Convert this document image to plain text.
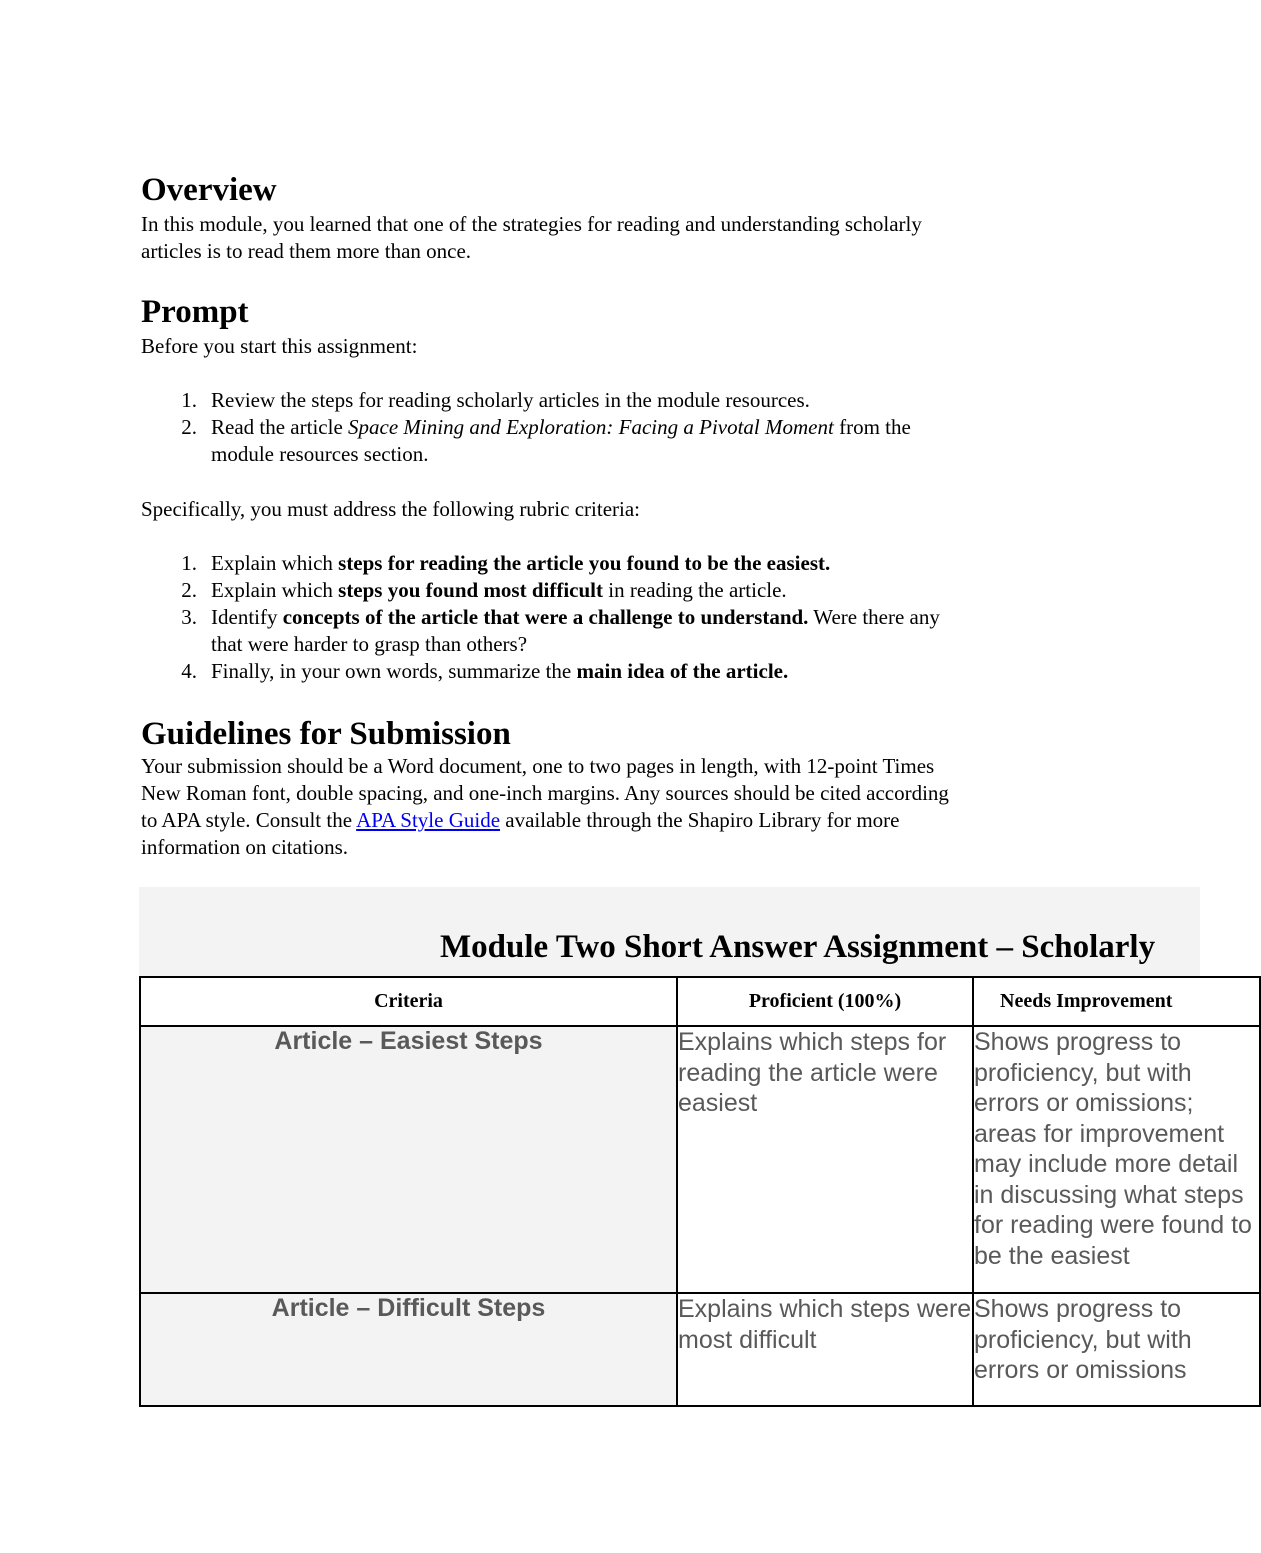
Overview

In this module, you learned that one of the strategies for reading and understanding scholarly
articles is to read them more than once.

Prompt

Before you start this assignment:

1. Review the steps for reading scholarly articles in the module resources.
2. Read the article Space Mining and Exploration: Facing a Pivotal Moment from the
module resources section.

Specifically, you must address the following rubric criteria:

1. Explain which steps for reading the article you found to be the easiest.
2. Explain which steps you found most difficult in reading the article.
3. Identify concepts of the article that were a challenge to understand. Were there any
that were harder to grasp than others?
4. Finally, in your own words, summarize the main idea of the article.
Guidelines for Submission

Your submission should be a Word document, one to two pages in length, with 12-point Times
New Roman font, double spacing, and one-inch margins. Any sources should be cited according
to APA style. Consult the APA Style Guide available through the Shapiro Library for more
information on citations.

Module Two Short Answer Assignment – Scholarly
Criteria	Proficient (100%)	Needs Improvement
Article – Easiest Steps	Explains which steps for reading the article were easiest	Shows progress to proficiency, but with errors or omissions; areas for improvement may include more detail in discussing what steps for reading were found to be the easiest
Article – Difficult Steps	Explains which steps were most difficult	Shows progress to proficiency, but with errors or omissions
